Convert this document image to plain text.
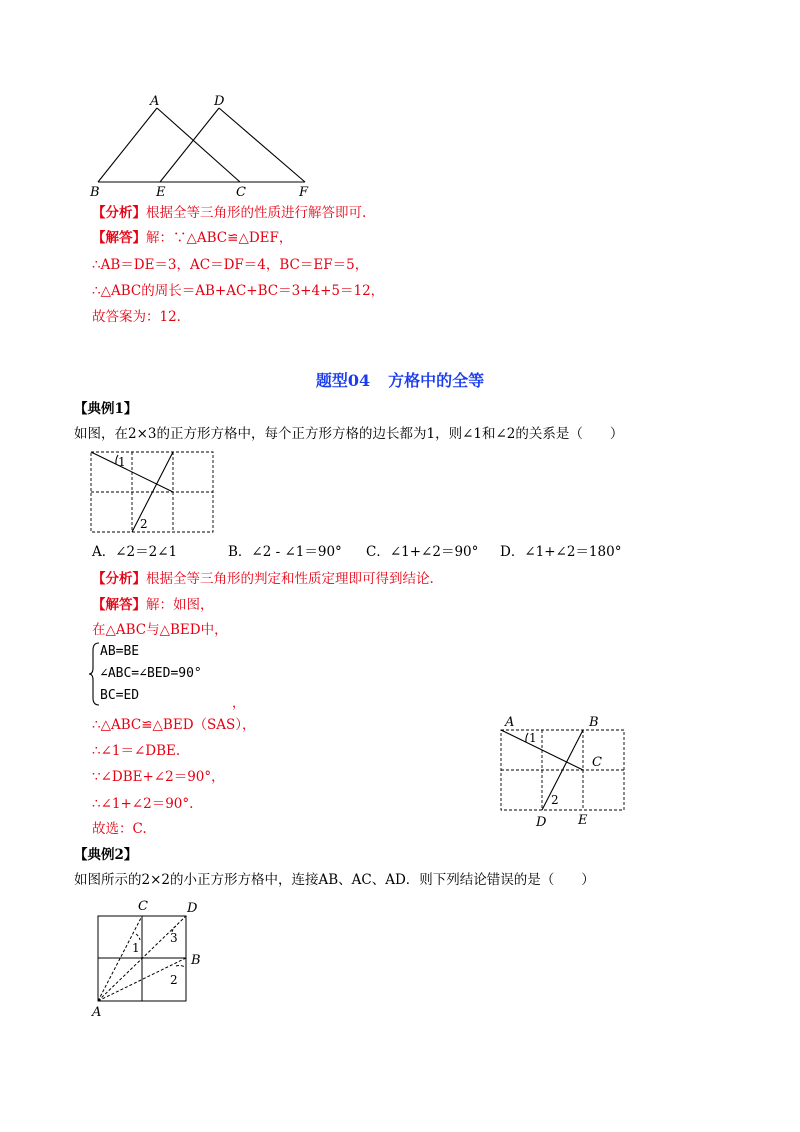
A	D
B	E	C	F
【分析】根据全等三角形的性质进行解答即可.
【解答】解：∵△ABC≌△DEF，
∴AB＝DE＝3，AC＝DF＝4，BC＝EF＝5，
∴△ABC的周长＝AB+AC+BC＝3+4+5＝12，
故答案为：12．
题型04 方格中的全等
【典例1】
如图，在2×3的正方形方格中，每个正方形方格的边长都为1，则∠1和∠2的关系是（　　）
1
2
A．∠2＝2∠1	B．∠2 - ∠1＝90° C．∠1+∠2＝90° D．∠1+∠2＝180°
【分析】根据全等三角形的判定和性质定理即可得到结论.
【解答】解：如图，
在△ABC与△BED中，
AB=BE
∠ABC=∠BED=90°
BC=ED
，
∴△ABC≌△BED（SAS），
∴∠1＝∠DBE.
∵∠DBE+∠2＝90°，
∴∠1+∠2＝90°.
故选：C.
A	B
C
D E
1
2
【典例2】
如图所示的2×2的小正方形方格中，连接AB、AC、AD．则下列结论错误的是（　　）
C	D
B
A
1
3
2
